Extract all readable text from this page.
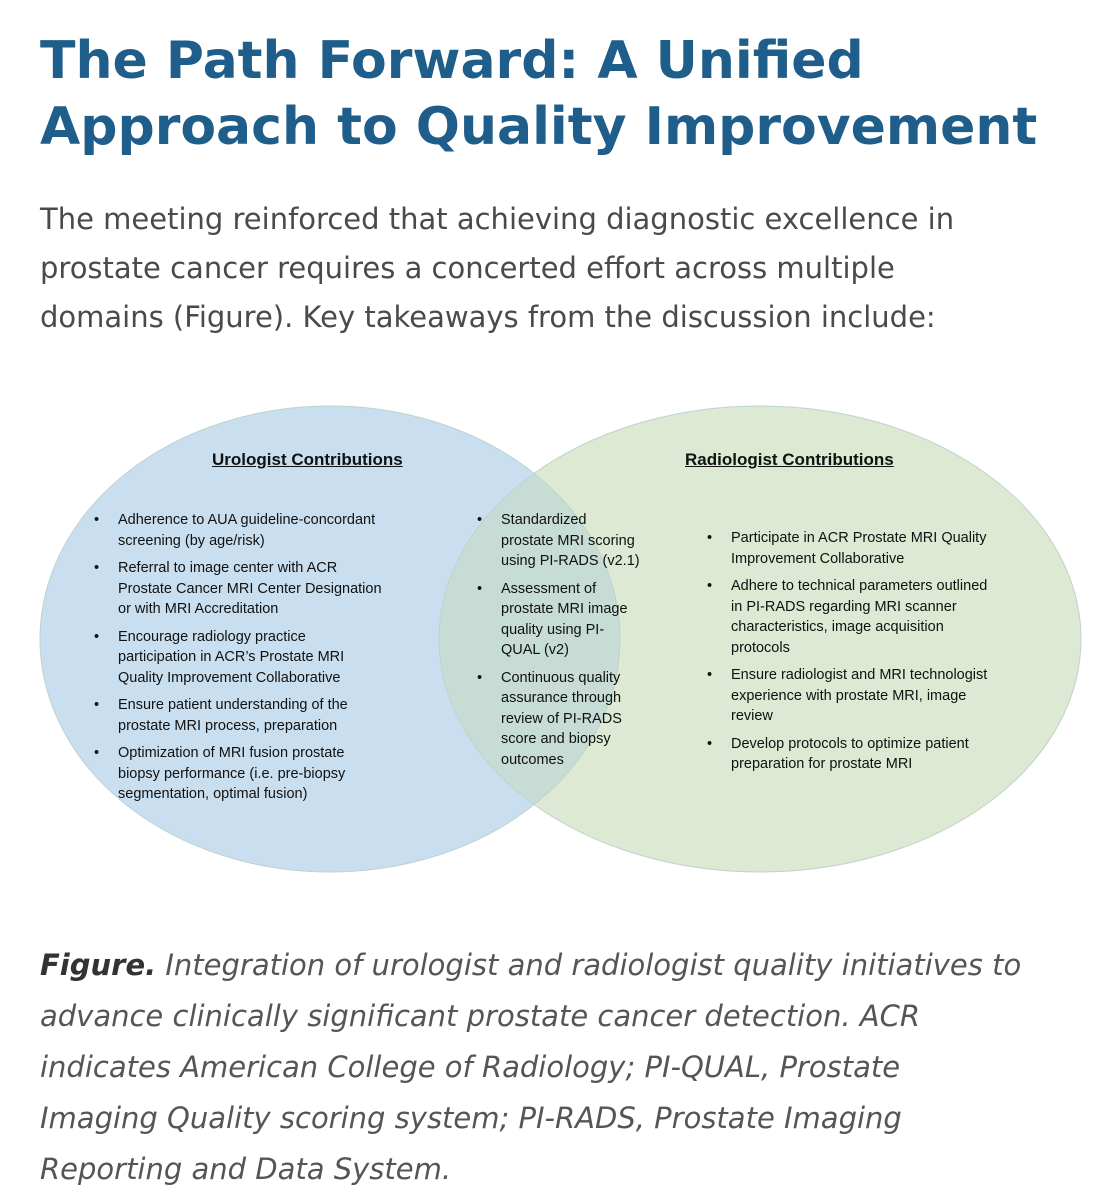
The Path Forward: A Unified
Approach to Quality Improvement

The meeting reinforced that achieving diagnostic excellence in
prostate cancer requires a concerted effort across multiple
domains (Figure). Key takeaways from the discussion include:

Urologist Contributions	Radiologist Contributions
• Adherence to AUA guideline-concordant
screening (by age/risk)
• Referral to image center with ACR
Prostate Cancer MRI Center Designation
or with MRI Accreditation
• Encourage radiology practice
participation in ACR’s Prostate MRI
Quality Improvement Collaborative
• Ensure patient understanding of the
prostate MRI process, preparation
• Optimization of MRI fusion prostate
biopsy performance (i.e. pre-biopsy
segmentation, optimal fusion)
• Standardized
prostate MRI scoring
using PI-RADS (v2.1)
• Assessment of
prostate MRI image
quality using PI-
QUAL (v2)
• Continuous quality
assurance through
review of PI-RADS
score and biopsy
outcomes
• Participate in ACR Prostate MRI Quality
Improvement Collaborative
• Adhere to technical parameters outlined
in PI-RADS regarding MRI scanner
characteristics, image acquisition
protocols
• Ensure radiologist and MRI technologist
experience with prostate MRI, image
review
• Develop protocols to optimize patient
preparation for prostate MRI

Figure. Integration of urologist and radiologist quality initiatives to
advance clinically significant prostate cancer detection. ACR
indicates American College of Radiology; PI-QUAL, Prostate
Imaging Quality scoring system; PI-RADS, Prostate Imaging
Reporting and Data System.
